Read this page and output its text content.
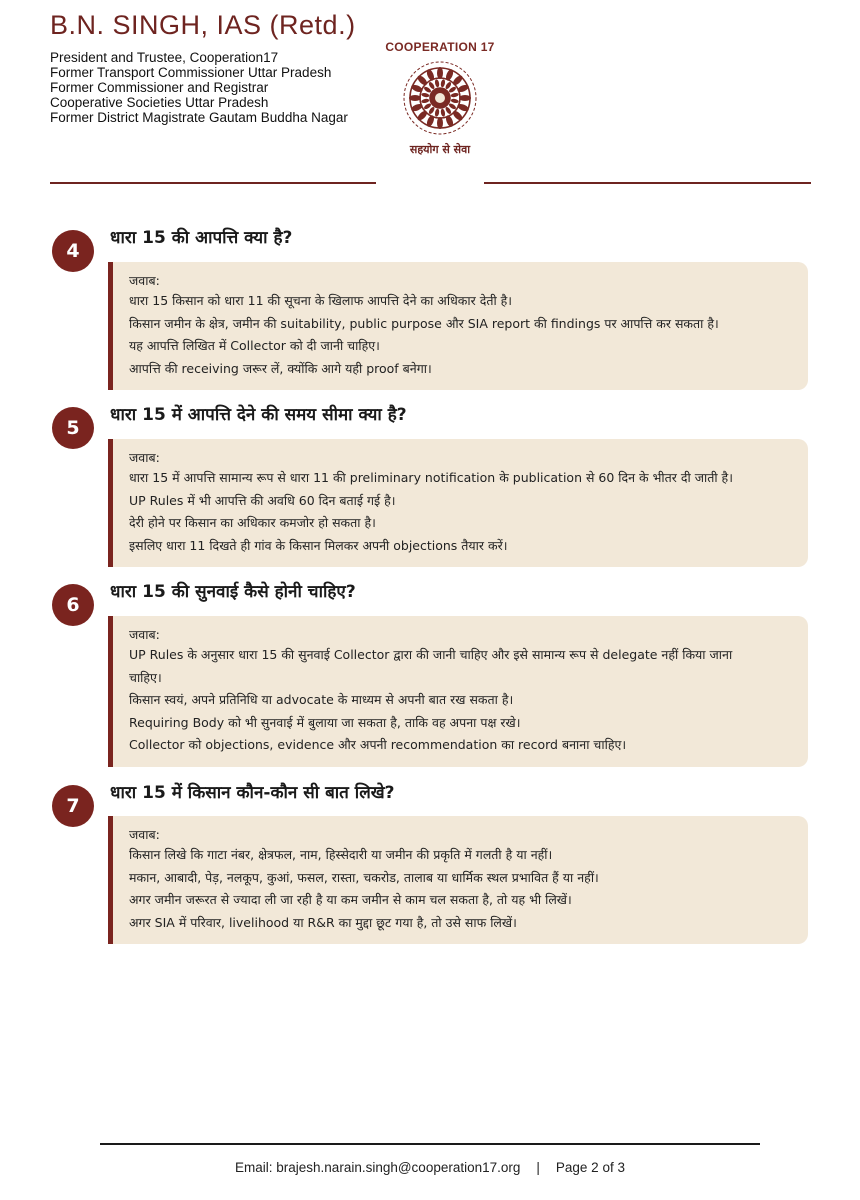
B.N. SINGH, IAS (Retd.)
President and Trustee, Cooperation17
Former Transport Commissioner Uttar Pradesh
Former Commissioner and Registrar
Cooperative Societies Uttar Pradesh
Former District Magistrate Gautam Buddha Nagar
COOPERATION 17
सहयोग से सेवा
4
धारा 15 की आपत्ति क्या है?
जवाब:
धारा 15 किसान को धारा 11 की सूचना के खिलाफ आपत्ति देने का अधिकार देती है।
किसान जमीन के क्षेत्र, जमीन की suitability, public purpose और SIA report की findings पर आपत्ति कर सकता है।
यह आपत्ति लिखित में Collector को दी जानी चाहिए।
आपत्ति की receiving जरूर लें, क्योंकि आगे यही proof बनेगा।
5
धारा 15 में आपत्ति देने की समय सीमा क्या है?
जवाब:
धारा 15 में आपत्ति सामान्य रूप से धारा 11 की preliminary notification के publication से 60 दिन के भीतर दी जाती है।
UP Rules में भी आपत्ति की अवधि 60 दिन बताई गई है।
देरी होने पर किसान का अधिकार कमजोर हो सकता है।
इसलिए धारा 11 दिखते ही गांव के किसान मिलकर अपनी objections तैयार करें।
6
धारा 15 की सुनवाई कैसे होनी चाहिए?
जवाब:
UP Rules के अनुसार धारा 15 की सुनवाई Collector द्वारा की जानी चाहिए और इसे सामान्य रूप से delegate नहीं किया जाना
चाहिए।
किसान स्वयं, अपने प्रतिनिधि या advocate के माध्यम से अपनी बात रख सकता है।
Requiring Body को भी सुनवाई में बुलाया जा सकता है, ताकि वह अपना पक्ष रखे।
Collector को objections, evidence और अपनी recommendation का record बनाना चाहिए।
7
धारा 15 में किसान कौन-कौन सी बात लिखे?
जवाब:
किसान लिखे कि गाटा नंबर, क्षेत्रफल, नाम, हिस्सेदारी या जमीन की प्रकृति में गलती है या नहीं।
मकान, आबादी, पेड़, नलकूप, कुआं, फसल, रास्ता, चकरोड, तालाब या धार्मिक स्थल प्रभावित हैं या नहीं।
अगर जमीन जरूरत से ज्यादा ली जा रही है या कम जमीन से काम चल सकता है, तो यह भी लिखें।
अगर SIA में परिवार, livelihood या R&R का मुद्दा छूट गया है, तो उसे साफ लिखें।
Email: brajesh.narain.singh@cooperation17.org | Page 2 of 3
